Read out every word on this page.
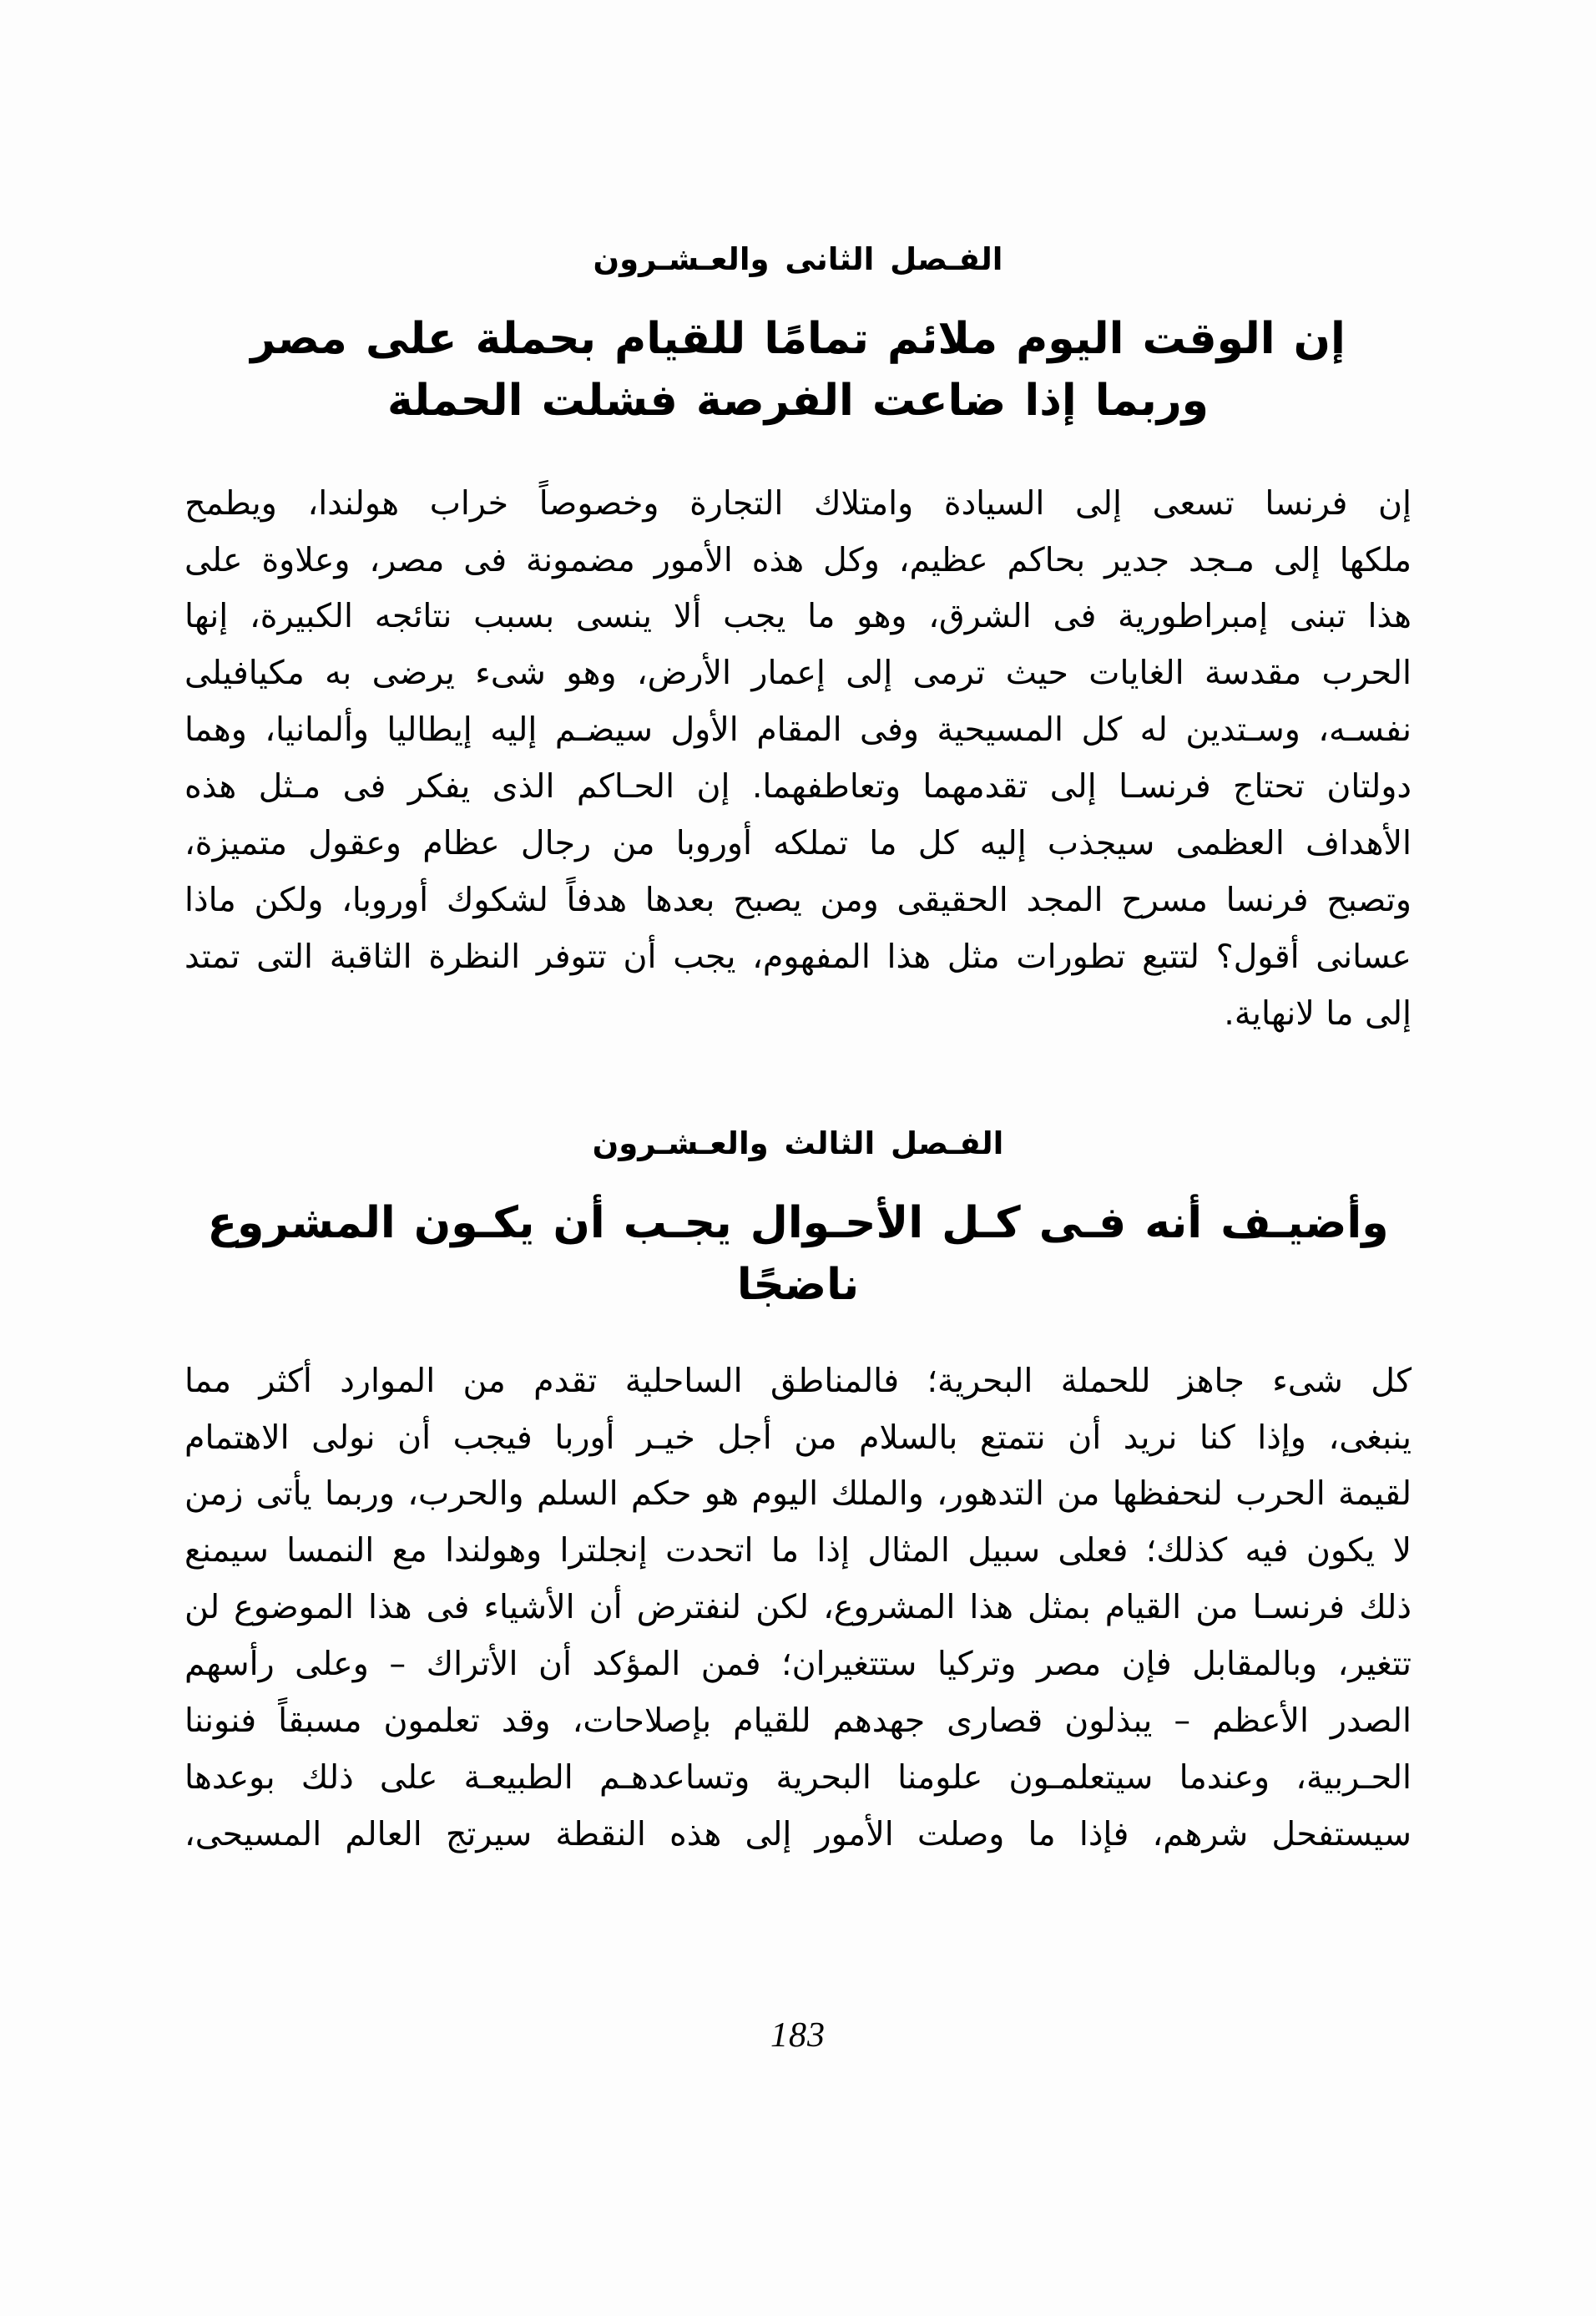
الفـصل الثانى والعـشـرون
إن الوقت اليوم ملائم تمامًا للقيام بحملة على مصر
وربما إذا ضاعت الفرصة فشلت الحملة

إن فرنسا تسعى إلى السيادة وامتلاك التجارة وخصوصاً خراب هولندا، ويطمح
ملكها إلى مـجد جدير بحاكم عظيم، وكل هذه الأمور مضمونة فى مصر، وعلاوة على
هذا تبنى إمبراطورية فى الشرق، وهو ما يجب ألا ينسى بسبب نتائجه الكبيرة، إنها
الحرب مقدسة الغايات حيث ترمى إلى إعمار الأرض، وهو شىء يرضى به مكيافيلى
نفسـه، وسـتدين له كل المسيحية وفى المقام الأول سيضـم إليه إيطاليا وألمانيا، وهما
دولتان تحتاج فرنسـا إلى تقدمهما وتعاطفهما. إن الحـاكم الذى يفكر فى مـثل هذه
الأهداف العظمى سيجذب إليه كل ما تملكه أوروبا من رجال عظام وعقول متميزة،
وتصبح فرنسا مسرح المجد الحقيقى ومن يصبح بعدها هدفاً لشكوك أوروبا، ولكن ماذا
عسانى أقول؟ لتتبع تطورات مثل هذا المفهوم، يجب أن تتوفر النظرة الثاقبة التى تمتد
إلى ما لانهاية.

الفـصل الثالث والعـشـرون
وأضيـف أنه فـى كـل الأحـوال يجـب أن يكـون المشروع ناضجًا

كل شىء جاهز للحملة البحرية؛ فالمناطق الساحلية تقدم من الموارد أكثر مما
ينبغى، وإذا كنا نريد أن نتمتع بالسلام من أجل خيـر أوربا فيجب أن نولى الاهتمام
لقيمة الحرب لنحفظها من التدهور، والملك اليوم هو حكم السلم والحرب، وربما يأتى زمن
لا يكون فيه كذلك؛ فعلى سبيل المثال إذا ما اتحدت إنجلترا وهولندا مع النمسا سيمنع
ذلك فرنسـا من القيام بمثل هذا المشروع، لكن لنفترض أن الأشياء فى هذا الموضوع لن
تتغير، وبالمقابل فإن مصر وتركيا ستتغيران؛ فمن المؤكد أن الأتراك – وعلى رأسهم
الصدر الأعظم – يبذلون قصارى جهدهم للقيام بإصلاحات، وقد تعلمون مسبقاً فنوننا
الحـربية، وعندما سيتعلمـون علومنا البحرية وتساعدهـم الطبيعـة على ذلك بوعدها
سيستفحل شرهم، فإذا ما وصلت الأمور إلى هذه النقطة سيرتج العالم المسيحى،

183
